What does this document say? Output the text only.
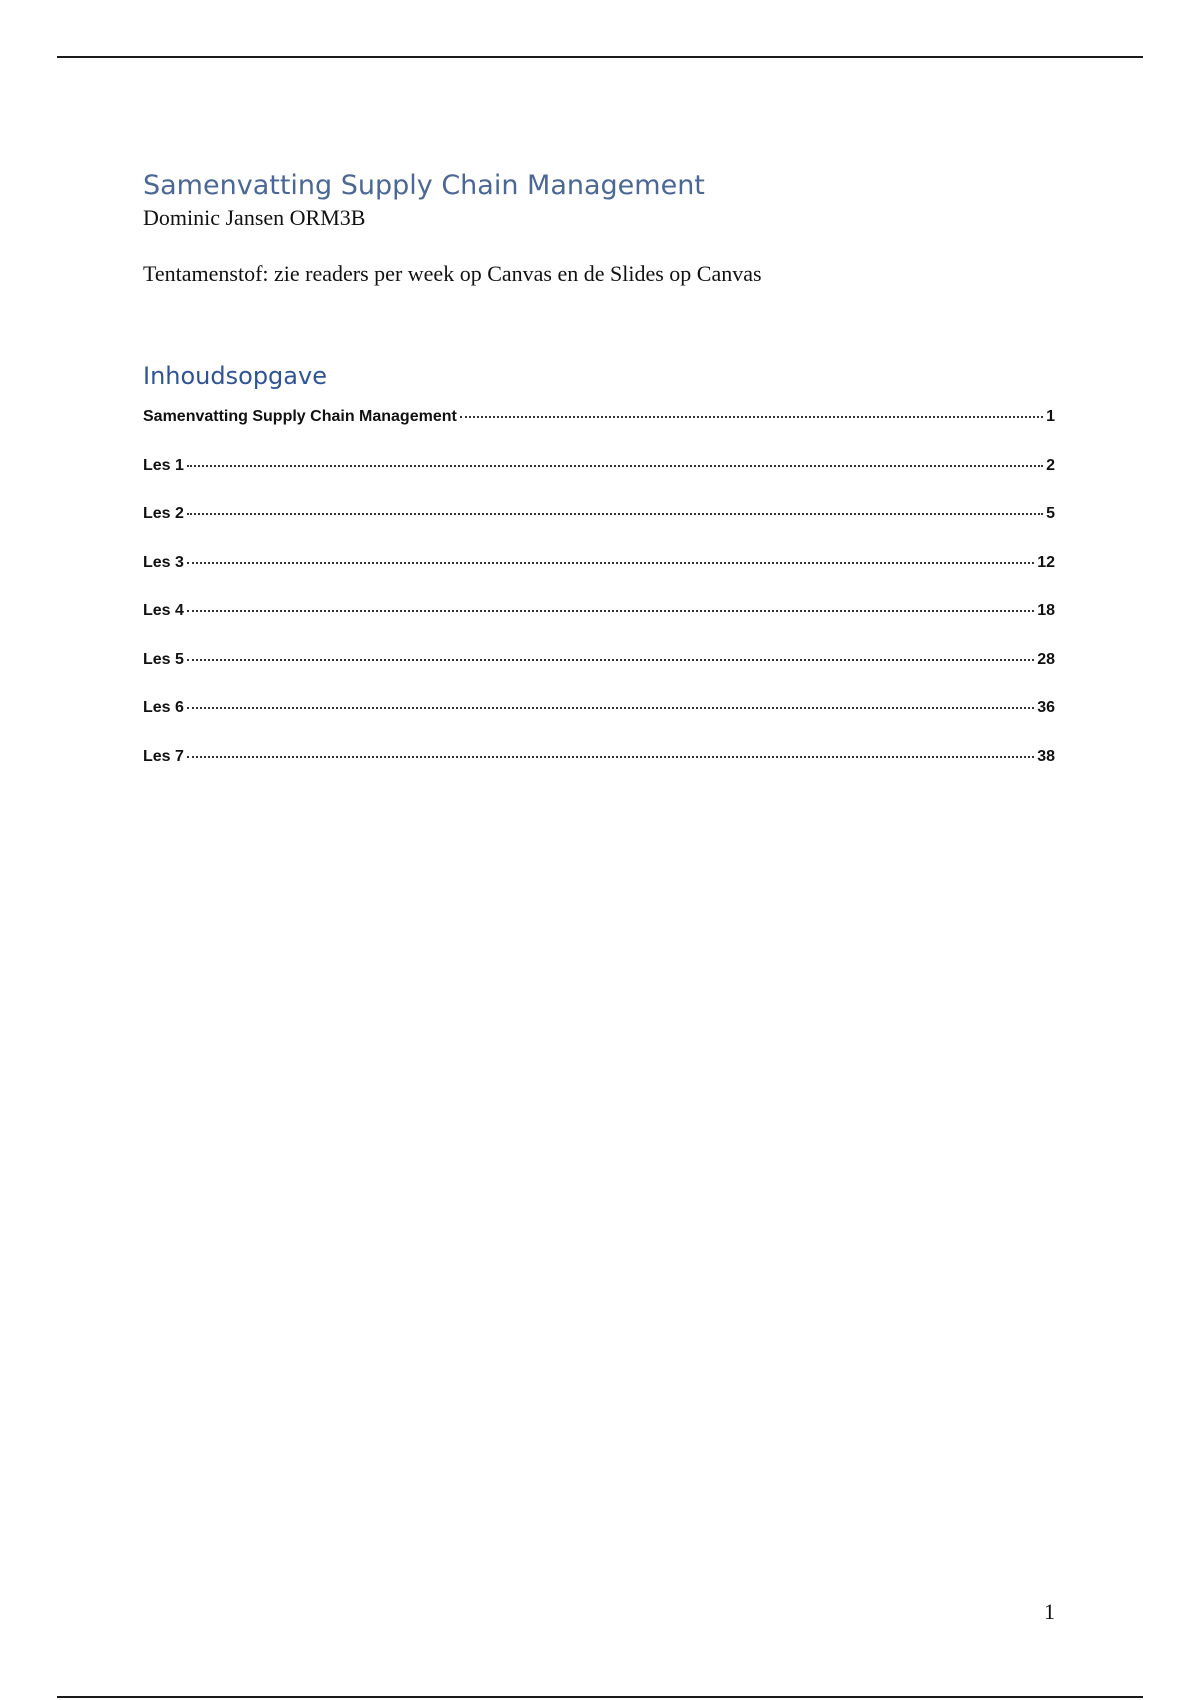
Samenvatting Supply Chain Management

Dominic Jansen ORM3B

Tentamenstof: zie readers per week op Canvas en de Slides op Canvas

Inhoudsopgave
Samenvatting Supply Chain Management	1
Les 1	2
Les 2	5
Les 3	12
Les 4	18
Les 5	28
Les 6	36
Les 7	38
1
